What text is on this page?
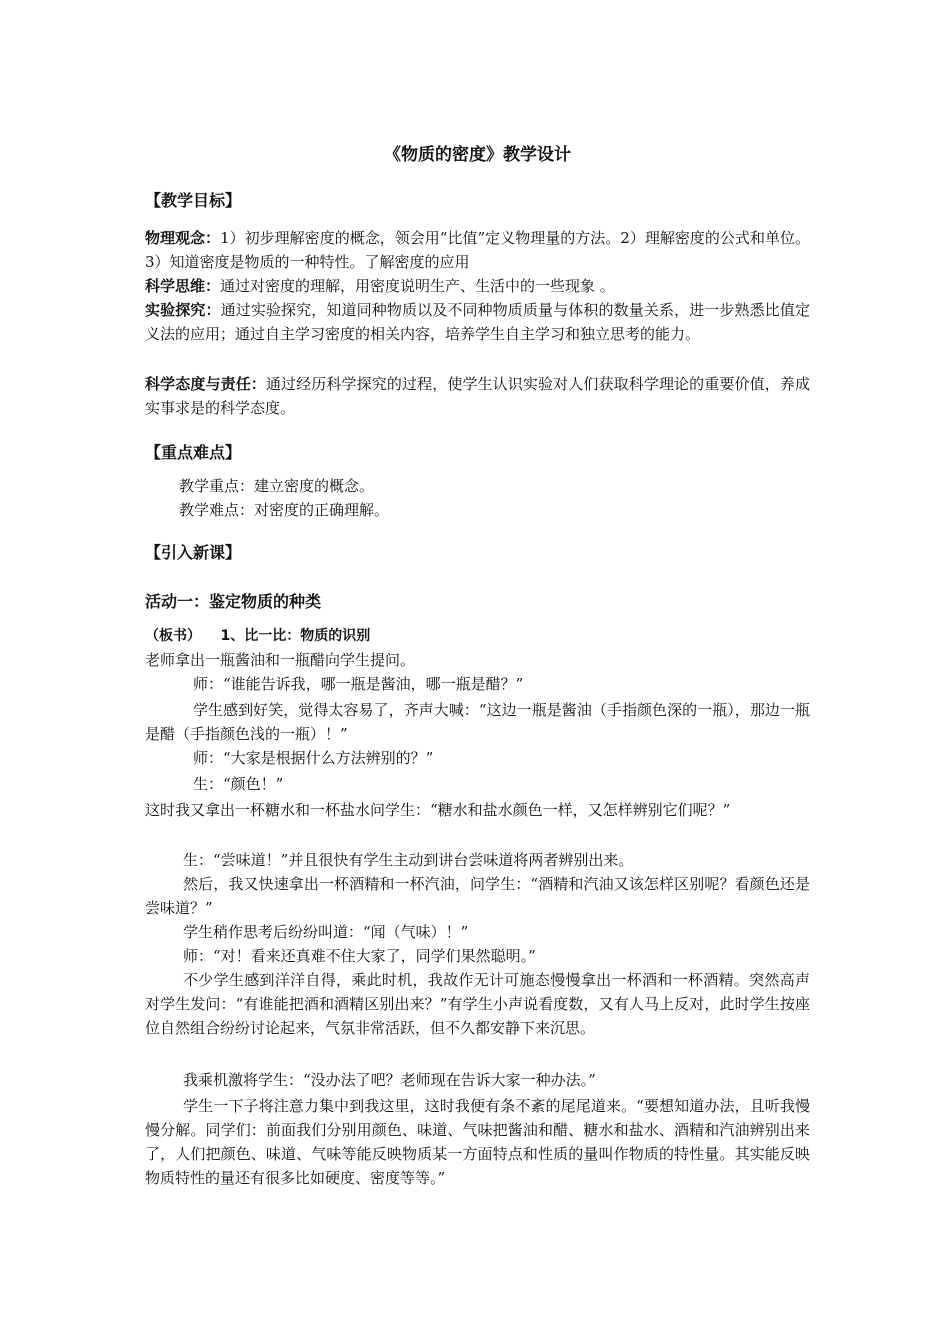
《物质的密度》教学设计
【教学目标】
物理观念：1）初步理解密度的概念，领会用“比值”定义物理量的方法。2）理解密度的公式和单位。3）知道密度是物质的一种特性。了解密度的应用
科学思维：通过对密度的理解，用密度说明生产、生活中的一些现象 。
实验探究：通过实验探究，知道同种物质以及不同种物质质量与体积的数量关系，进一步熟悉比值定义法的应用；通过自主学习密度的相关内容，培养学生自主学习和独立思考的能力。
科学态度与责任：通过经历科学探究的过程，使学生认识实验对人们获取科学理论的重要价值，养成实事求是的科学态度。
【重点难点】
教学重点：建立密度的概念。
教学难点：对密度的正确理解。
【引入新课】
活动一：鉴定物质的种类
（板书） 1、比一比：物质的识别
老师拿出一瓶酱油和一瓶醋向学生提问。
师：“谁能告诉我，哪一瓶是酱油，哪一瓶是醋？”
学生感到好笑，觉得太容易了，齐声大喊：“这边一瓶是酱油（手指颜色深的一瓶），那边一瓶是醋（手指颜色浅的一瓶）！”
师：“大家是根据什么方法辨别的？”
生：“颜色！”
这时我又拿出一杯糖水和一杯盐水问学生：“糖水和盐水颜色一样，又怎样辨别它们呢？”
生：“尝味道！”并且很快有学生主动到讲台尝味道将两者辨别出来。
然后，我又快速拿出一杯酒精和一杯汽油，问学生：“酒精和汽油又该怎样区别呢？看颜色还是尝味道？”
学生稍作思考后纷纷叫道：“闻（气味）！”
师：“对！看来还真难不住大家了，同学们果然聪明。”
不少学生感到洋洋自得，乘此时机，我故作无计可施态慢慢拿出一杯酒和一杯酒精。突然高声对学生发问：“有谁能把酒和酒精区别出来？”有学生小声说看度数，又有人马上反对，此时学生按座位自然组合纷纷讨论起来，气氛非常活跃，但不久都安静下来沉思。
我乘机激将学生：“没办法了吧？老师现在告诉大家一种办法。”
学生一下子将注意力集中到我这里，这时我便有条不紊的尾尾道来。“要想知道办法，且听我慢慢分解。同学们：前面我们分别用颜色、味道、气味把酱油和醋、糖水和盐水、酒精和汽油辨别出来了，人们把颜色、味道、气味等能反映物质某一方面特点和性质的量叫作物质的特性量。其实能反映物质特性的量还有很多比如硬度、密度等等。”
